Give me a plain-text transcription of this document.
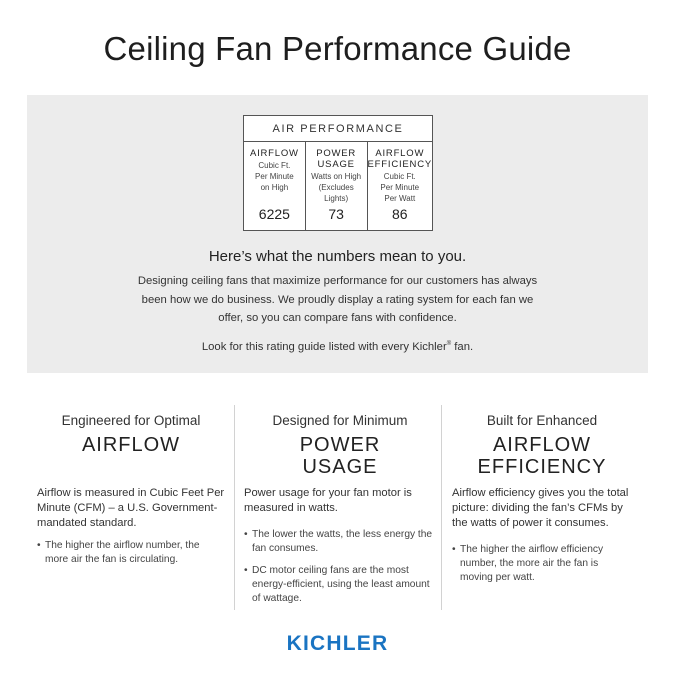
Ceiling Fan Performance Guide
AIR PERFORMANCE
AIRFLOW
Cubic Ft.
Per Minute
on High
6225
POWER
USAGE
Watts on High
(Excludes
Lights)
73
AIRFLOW
EFFICIENCY
Cubic Ft.
Per Minute
Per Watt
86
Here’s what the numbers mean to you.
Designing ceiling fans that maximize performance for our customers has always been how we do business. We proudly display a rating system for each fan we offer, so you can compare fans with confidence.
Look for this rating guide listed with every Kichler® fan.
Engineered for Optimal
AIRFLOW
Airflow is measured in Cubic Feet Per Minute (CFM) – a U.S. Government-mandated standard.
• The higher the airflow number, the more air the fan is circulating.
Designed for Minimum
POWER
USAGE
Power usage for your fan motor is measured in watts.
• The lower the watts, the less energy the fan consumes.
• DC motor ceiling fans are the most energy-efficient, using the least amount of wattage.
Built for Enhanced
AIRFLOW
EFFICIENCY
Airflow efficiency gives you the total picture: dividing the fan’s CFMs by the watts of power it consumes.
• The higher the airflow efficiency number, the more air the fan is moving per watt.
KICHLER
